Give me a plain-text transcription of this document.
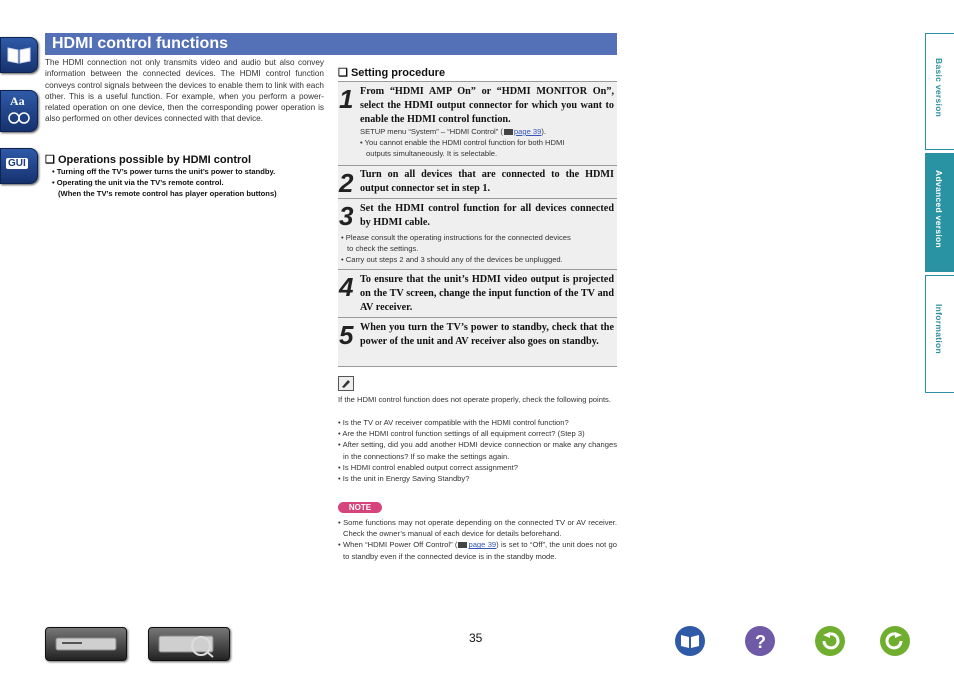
Aa
GUI
HDMI control functions
The HDMI connection not only transmits video and audio but also convey information between the connected devices. The HDMI control function conveys control signals between the devices to enable them to link with each other. This is a useful function. For example, when you perform a power-related operation on one device, then the corresponding power operation is also performed on other devices connected with that device.
❑ Operations possible by HDMI control
• Turning off the TV’s power turns the unit’s power to standby.
• Operating the unit via the TV’s remote control.
(When the TV’s remote control has player operation buttons)
❑ Setting procedure
1 From “HDMI AMP On” or “HDMI MONITOR On”, select the HDMI output connector for which you want to enable the HDMI control function.
SETUP menu “System” – “HDMI Control” ( page 39).
• You cannot enable the HDMI control function for both HDMI
outputs simultaneously. It is selectable.
2 Turn on all devices that are connected to the HDMI output connector set in step 1.
3 Set the HDMI control function for all devices connected by HDMI cable.
• Please consult the operating instructions for the connected devices
to check the settings.
• Carry out steps 2 and 3 should any of the devices be unplugged.
4 To ensure that the unit’s HDMI video output is projected on the TV screen, change the input function of the TV and AV receiver.
5 When you turn the TV’s power to standby, check that the power of the unit and AV receiver also goes on standby.
If the HDMI control function does not operate properly, check the following points.
• Is the TV or AV receiver compatible with the HDMI control function?
• Are the HDMI control function settings of all equipment correct? (Step 3)
• After setting, did you add another HDMI device connection or make any changes in the connections? If so make the settings again.
• Is HDMI control enabled output correct assignment?
• Is the unit in Energy Saving Standby?
NOTE
• Some functions may not operate depending on the connected TV or AV receiver. Check the owner’s manual of each device for details beforehand.
• When “HDMI Power Off Control” ( page 39) is set to “Off”, the unit does not go to standby even if the connected device is in the standby mode.
35
Basic version
Advanced version
Information
?
